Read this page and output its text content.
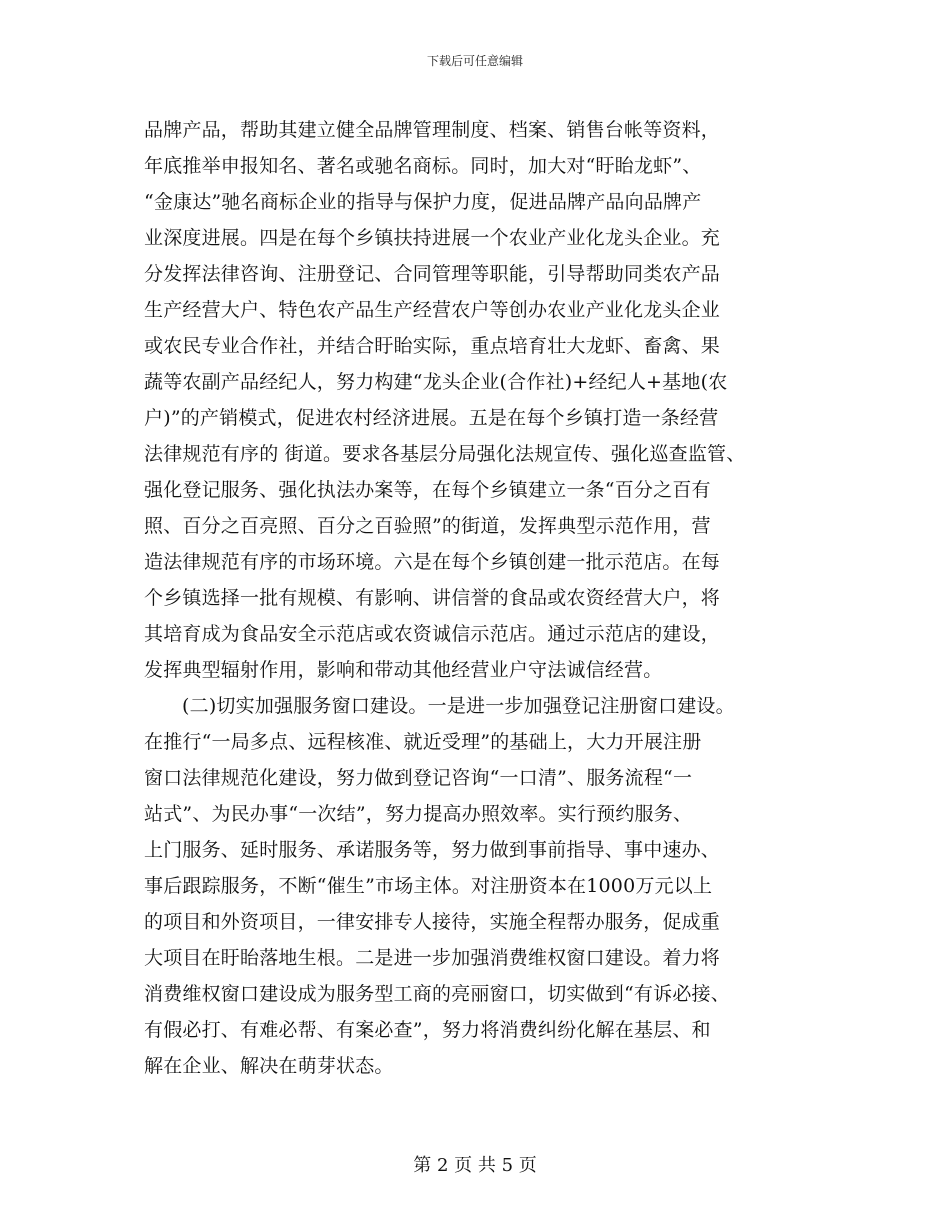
下载后可任意编辑
品牌产品，帮助其建立健全品牌管理制度、档案、销售台帐等资料，
年底推举申报知名、著名或驰名商标。同时，加大对“盱眙龙虾”、
“金康达”驰名商标企业的指导与保护力度，促进品牌产品向品牌产
业深度进展。四是在每个乡镇扶持进展一个农业产业化龙头企业。充
分发挥法律咨询、注册登记、合同管理等职能，引导帮助同类农产品
生产经营大户、特色农产品生产经营农户等创办农业产业化龙头企业
或农民专业合作社，并结合盱眙实际，重点培育壮大龙虾、畜禽、果
蔬等农副产品经纪人，努力构建“龙头企业(合作社)+经纪人+基地(农
户)”的产销模式，促进农村经济进展。五是在每个乡镇打造一条经营
法律规范有序的 街道。要求各基层分局强化法规宣传、强化巡查监管、
强化登记服务、强化执法办案等，在每个乡镇建立一条“百分之百有
照、百分之百亮照、百分之百验照”的街道，发挥典型示范作用，营
造法律规范有序的市场环境。六是在每个乡镇创建一批示范店。在每
个乡镇选择一批有规模、有影响、讲信誉的食品或农资经营大户，将
其培育成为食品安全示范店或农资诚信示范店。通过示范店的建设，
发挥典型辐射作用，影响和带动其他经营业户守法诚信经营。
(二)切实加强服务窗口建设。一是进一步加强登记注册窗口建设。
在推行“一局多点、远程核准、就近受理”的基础上，大力开展注册
窗口法律规范化建设，努力做到登记咨询“一口清”、服务流程“一
站式”、为民办事“一次结”，努力提高办照效率。实行预约服务、
上门服务、延时服务、承诺服务等，努力做到事前指导、事中速办、
事后跟踪服务，不断“催生”市场主体。对注册资本在1000万元以上
的项目和外资项目，一律安排专人接待，实施全程帮办服务，促成重
大项目在盱眙落地生根。二是进一步加强消费维权窗口建设。着力将
消费维权窗口建设成为服务型工商的亮丽窗口，切实做到“有诉必接、
有假必打、有难必帮、有案必查”，努力将消费纠纷化解在基层、和
解在企业、解决在萌芽状态。
第 2 页 共 5 页
